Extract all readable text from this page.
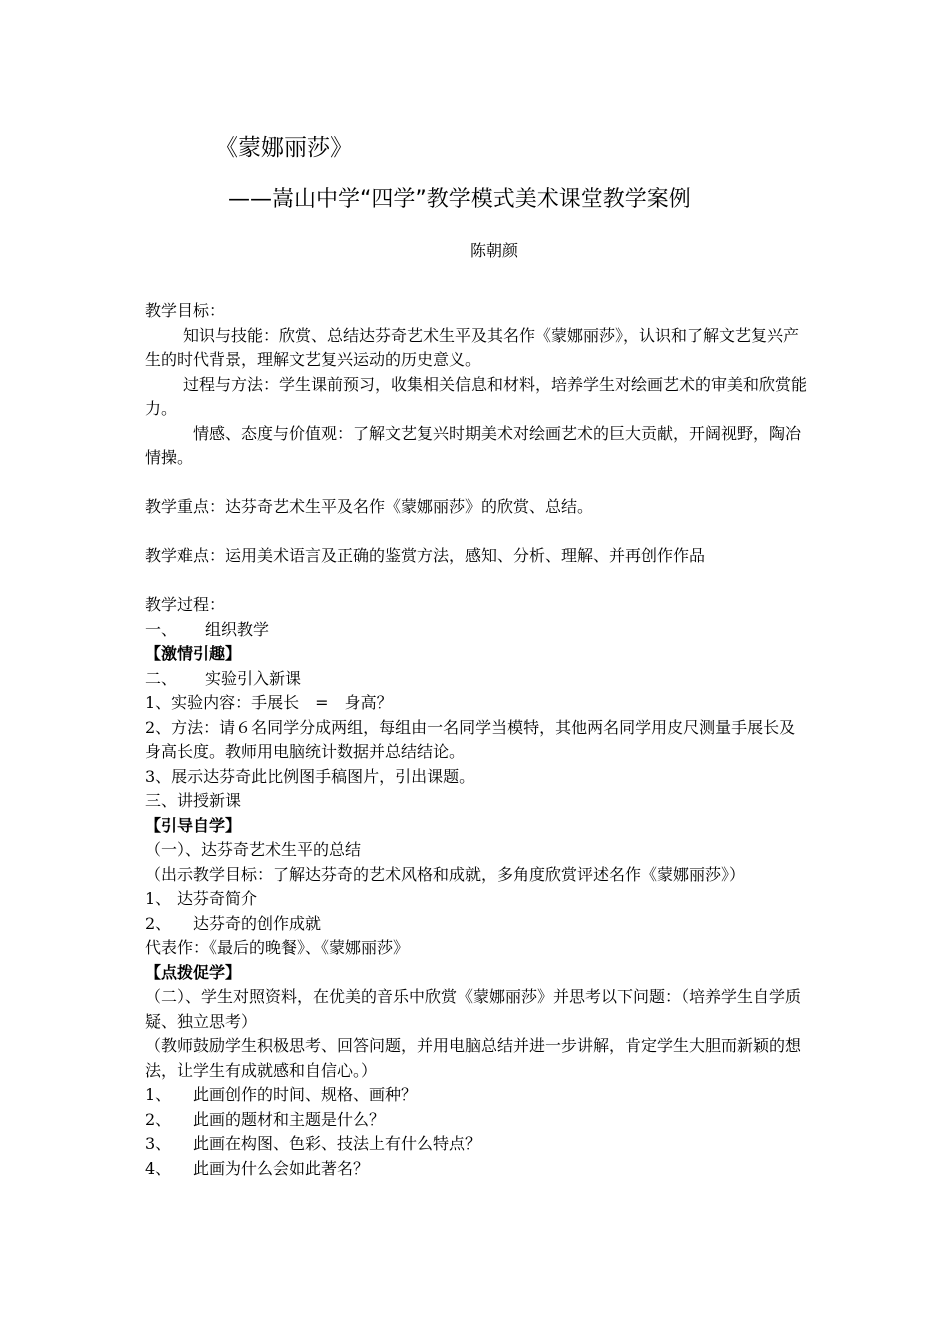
《蒙娜丽莎》
——嵩山中学“四学”教学模式美术课堂教学案例
陈朝颜

教学目标：

知识与技能：欣赏、总结达芬奇艺术生平及其名作《蒙娜丽莎》，认识和了解文艺复兴产生的时代背景，理解文艺复兴运动的历史意义。

过程与方法：学生课前预习，收集相关信息和材料，培养学生对绘画艺术的审美和欣赏能力。

情感、态度与价值观：了解文艺复兴时期美术对绘画艺术的巨大贡献，开阔视野，陶冶情操。

教学重点：达芬奇艺术生平及名作《蒙娜丽莎》的欣赏、总结。

教学难点：运用美术语言及正确的鉴赏方法，感知、分析、理解、并再创作作品

教学过程：

一、 组织教学

【激情引趣】

二、 实验引入新课

1、实验内容：手展长　=　身高？

2、方法：请６名同学分成两组，每组由一名同学当模特，其他两名同学用皮尺测量手展长及身高长度。教师用电脑统计数据并总结结论。

3、展示达芬奇此比例图手稿图片，引出课题。

三、讲授新课

【引导自学】

（一）、达芬奇艺术生平的总结

（出示教学目标：了解达芬奇的艺术风格和成就，多角度欣赏评述名作《蒙娜丽莎》）

1、 达芬奇简介

2、 达芬奇的创作成就

代表作：《最后的晚餐》、《蒙娜丽莎》

【点拨促学】

（二）、学生对照资料，在优美的音乐中欣赏《蒙娜丽莎》并思考以下问题：（培养学生自学质疑、独立思考）

（教师鼓励学生积极思考、回答问题，并用电脑总结并进一步讲解，肯定学生大胆而新颖的想法，让学生有成就感和自信心。）

1、 此画创作的时间、规格、画种？

2、 此画的题材和主题是什么？

3、 此画在构图、色彩、技法上有什么特点？

4、 此画为什么会如此著名？
